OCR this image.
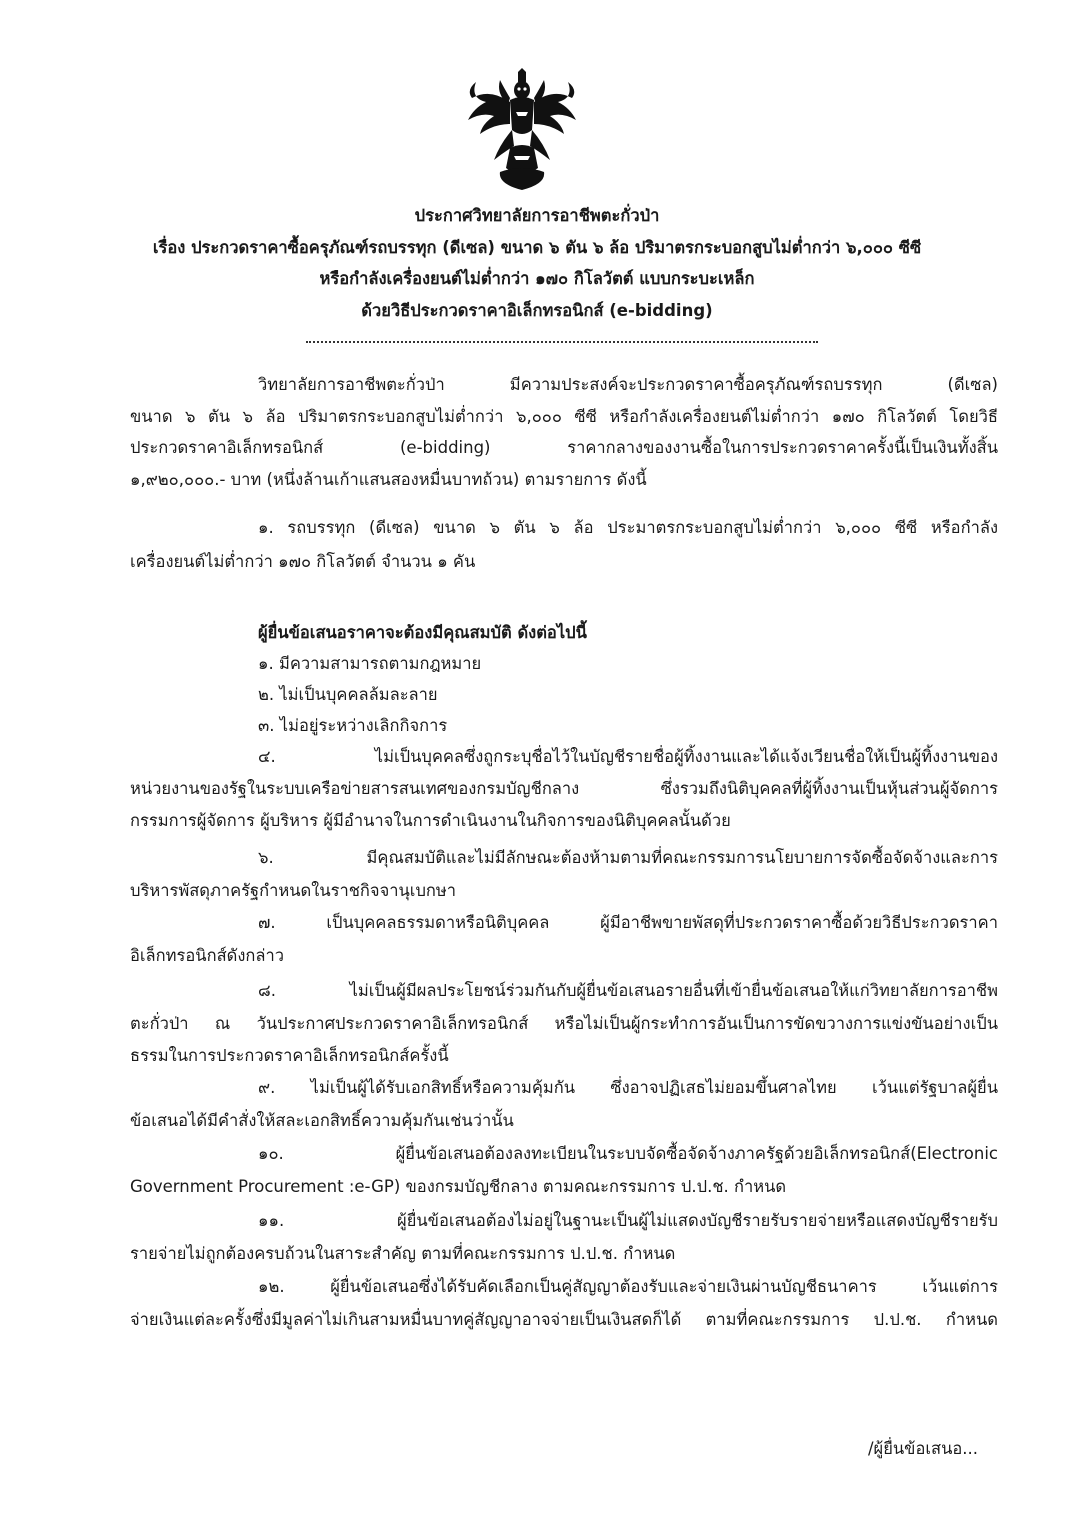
ประกาศวิทยาลัยการอาชีพตะกั่วป่า
เรื่อง ประกวดราคาซื้อครุภัณฑ์รถบรรทุก (ดีเซล) ขนาด ๖ ตัน ๖ ล้อ ปริมาตรกระบอกสูบไม่ต่ำกว่า ๖,๐๐๐ ซีซี
หรือกำลังเครื่องยนต์ไม่ต่ำกว่า ๑๗๐ กิโลวัตต์ แบบกระบะเหล็ก
ด้วยวิธีประกวดราคาอิเล็กทรอนิกส์ (e-bidding)
วิทยาลัยการอาชีพตะกั่วป่า มีความประสงค์จะประกวดราคาซื้อครุภัณฑ์รถบรรทุก (ดีเซล)
ขนาด ๖ ตัน ๖ ล้อ ปริมาตรกระบอกสูบไม่ต่ำกว่า ๖,๐๐๐ ซีซี หรือกำลังเครื่องยนต์ไม่ต่ำกว่า ๑๗๐ กิโลวัตต์ โดยวิธี
ประกวดราคาอิเล็กทรอนิกส์ (e-bidding) ราคากลางของงานซื้อในการประกวดราคาครั้งนี้เป็นเงินทั้งสิ้น
๑,๙๒๐,๐๐๐.- บาท (หนึ่งล้านเก้าแสนสองหมื่นบาทถ้วน) ตามรายการ ดังนี้
๑. รถบรรทุก (ดีเซล) ขนาด ๖ ตัน ๖ ล้อ ประมาตรกระบอกสูบไม่ต่ำกว่า ๖,๐๐๐ ซีซี หรือกำลัง
เครื่องยนต์ไม่ต่ำกว่า ๑๗๐ กิโลวัตต์ จำนวน ๑ คัน
ผู้ยื่นข้อเสนอราคาจะต้องมีคุณสมบัติ ดังต่อไปนี้
๑. มีความสามารถตามกฎหมาย
๒. ไม่เป็นบุคคลล้มละลาย
๓. ไม่อยู่ระหว่างเลิกกิจการ
๔. ไม่เป็นบุคคลซึ่งถูกระบุชื่อไว้ในบัญชีรายชื่อผู้ทิ้งงานและได้แจ้งเวียนชื่อให้เป็นผู้ทิ้งงานของ
หน่วยงานของรัฐในระบบเครือข่ายสารสนเทศของกรมบัญชีกลาง ซึ่งรวมถึงนิติบุคคลที่ผู้ทิ้งงานเป็นหุ้นส่วนผู้จัดการ
กรรมการผู้จัดการ ผู้บริหาร ผู้มีอำนาจในการดำเนินงานในกิจการของนิติบุคคลนั้นด้วย
๖. มีคุณสมบัติและไม่มีลักษณะต้องห้ามตามที่คณะกรรมการนโยบายการจัดซื้อจัดจ้างและการ
บริหารพัสดุภาครัฐกำหนดในราชกิจจานุเบกษา
๗. เป็นบุคคลธรรมดาหรือนิติบุคคล ผู้มีอาชีพขายพัสดุที่ประกวดราคาซื้อด้วยวิธีประกวดราคา
อิเล็กทรอนิกส์ดังกล่าว
๘. ไม่เป็นผู้มีผลประโยชน์ร่วมกันกับผู้ยื่นข้อเสนอรายอื่นที่เข้ายื่นข้อเสนอให้แก่วิทยาลัยการอาชีพ
ตะกั่วป่า ณ วันประกาศประกวดราคาอิเล็กทรอนิกส์ หรือไม่เป็นผู้กระทำการอันเป็นการขัดขวางการแข่งขันอย่างเป็น
ธรรมในการประกวดราคาอิเล็กทรอนิกส์ครั้งนี้
๙. ไม่เป็นผู้ได้รับเอกสิทธิ์หรือความคุ้มกัน ซึ่งอาจปฏิเสธไม่ยอมขึ้นศาลไทย เว้นแต่รัฐบาลผู้ยื่น
ข้อเสนอได้มีคำสั่งให้สละเอกสิทธิ์ความคุ้มกันเช่นว่านั้น
๑๐. ผู้ยื่นข้อเสนอต้องลงทะเบียนในระบบจัดซื้อจัดจ้างภาครัฐด้วยอิเล็กทรอนิกส์(Electronic
Government Procurement :e-GP) ของกรมบัญชีกลาง ตามคณะกรรมการ ป.ป.ช. กำหนด
๑๑. ผู้ยื่นข้อเสนอต้องไม่อยู่ในฐานะเป็นผู้ไม่แสดงบัญชีรายรับรายจ่ายหรือแสดงบัญชีรายรับ
รายจ่ายไม่ถูกต้องครบถ้วนในสาระสำคัญ ตามที่คณะกรรมการ ป.ป.ช. กำหนด
๑๒. ผู้ยื่นข้อเสนอซึ่งได้รับคัดเลือกเป็นคู่สัญญาต้องรับและจ่ายเงินผ่านบัญชีธนาคาร เว้นแต่การ
จ่ายเงินแต่ละครั้งซึ่งมีมูลค่าไม่เกินสามหมื่นบาทคู่สัญญาอาจจ่ายเป็นเงินสดก็ได้ ตามที่คณะกรรมการ ป.ป.ช. กำหนด
/ผู้ยื่นข้อเสนอ...
